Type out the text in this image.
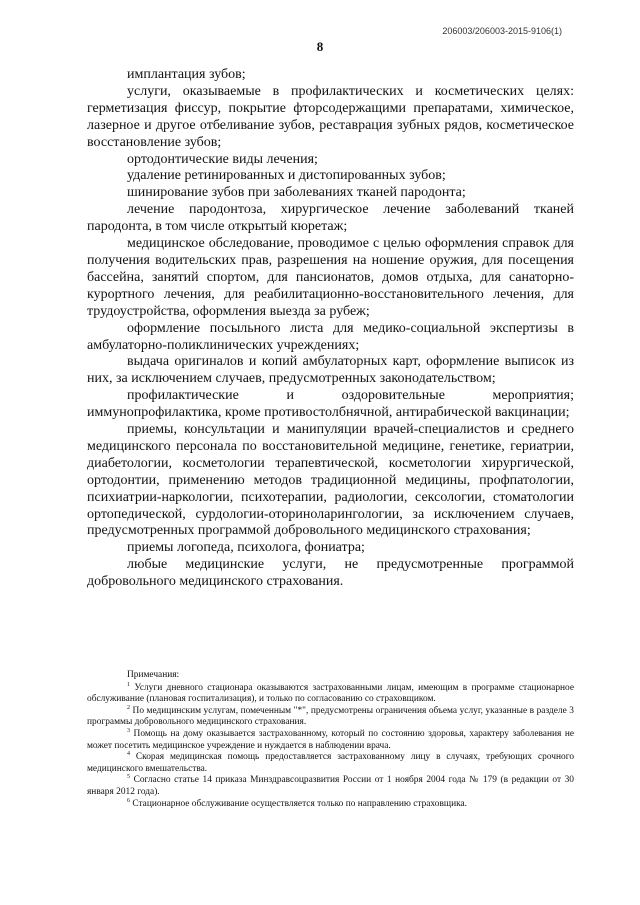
206003/206003-2015-9106(1)
8

имплантация зубов;

услуги, оказываемые в профилактических и косметических целях: герметизация фиссур, покрытие фторсодержащими препаратами, химическое, лазерное и другое отбеливание зубов, реставрация зубных рядов, косметическое восстановление зубов;

ортодонтические виды лечения;

удаление ретинированных и дистопированных зубов;

шинирование зубов при заболеваниях тканей пародонта;

лечение пародонтоза, хирургическое лечение заболеваний тканей пародонта, в том числе открытый кюретаж;

медицинское обследование, проводимое с целью оформления справок для получения водительских прав, разрешения на ношение оружия, для посещения бассейна, занятий спортом, для пансионатов, домов отдыха, для санаторно-курортного лечения, для реабилитационно-восстановительного лечения, для трудоустройства, оформления выезда за рубеж;

оформление посыльного листа для медико-социальной экспертизы в амбулаторно-поликлинических учреждениях;

выдача оригиналов и копий амбулаторных карт, оформление выписок из них, за исключением случаев, предусмотренных законодательством;

профилактические и оздоровительные мероприятия; иммунопрофилактика, кроме противостолбнячной, антирабической вакцинации;

приемы, консультации и манипуляции врачей-специалистов и среднего медицинского персонала по восстановительной медицине, генетике, гериатрии, диабетологии, косметологии терапевтической, косметологии хирургической, ортодонтии, применению методов традиционной медицины, профпатологии, психиатрии-наркологии, психотерапии, радиологии, сексологии, стоматологии ортопедической, сурдологии-оториноларингологии, за исключением случаев, предусмотренных программой добровольного медицинского страхования;

приемы логопеда, психолога, фониатра;

любые медицинские услуги, не предусмотренные программой добровольного медицинского страхования.

Примечания:

$^1$ Услуги дневного стационара оказываются застрахованными лицам, имеющим в программе стационарное обслуживание (плановая госпитализация), и только по согласованию со страховщиком.

$^2$ По медицинским услугам, помеченным "*", предусмотрены ограничения объема услуг, указанные в разделе 3 программы добровольного медицинского страхования.

$^3$ Помощь на дому оказывается застрахованному, который по состоянию здоровья, характеру заболевания не может посетить медицинское учреждение и нуждается в наблюдении врача.

$^4$ Скорая медицинская помощь предоставляется застрахованному лицу в случаях, требующих срочного медицинского вмешательства.

$^5$ Согласно статье 14 приказа Минздравсоцразвития России от 1 ноября 2004 года № 179 (в редакции от 30 января 2012 года).

$^6$ Стационарное обслуживание осуществляется только по направлению страховщика.
